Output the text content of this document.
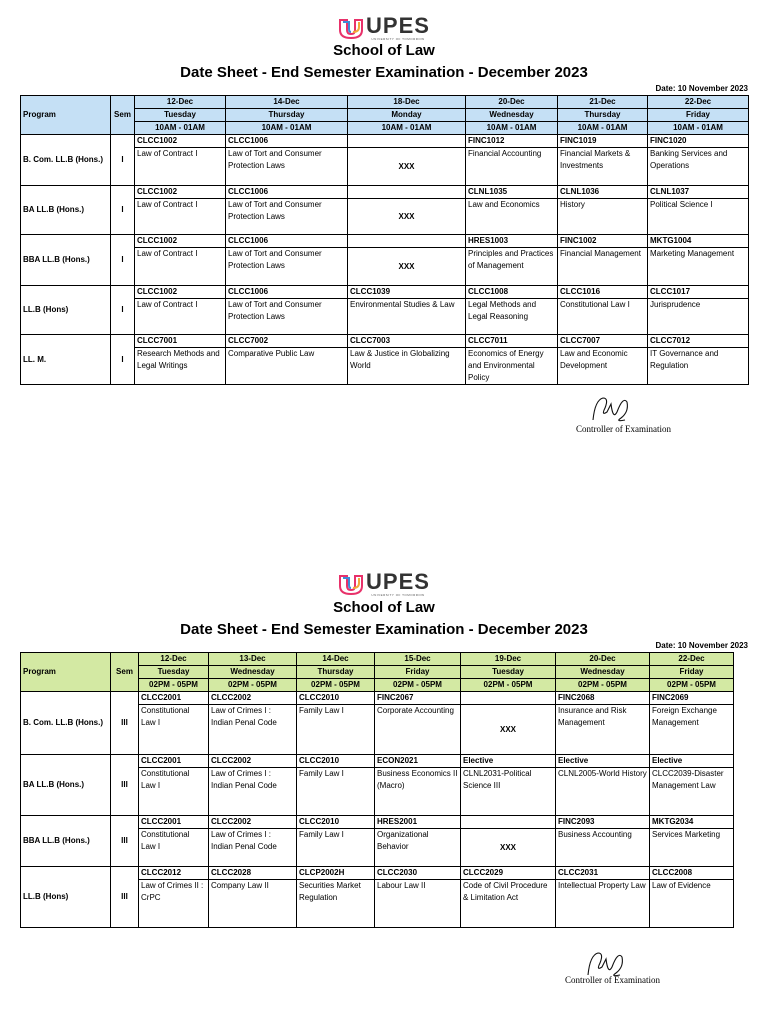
UPES
UNIVERSITY OF TOMORROW
School of Law
Date Sheet - End Semester Examination - December 2023
Date: 10 November 2023
Program	Sem	12-Dec	14-Dec	18-Dec	20-Dec	21-Dec	22-Dec
		Tuesday	Thursday	Monday	Wednesday	Thursday	Friday
		10AM - 01AM	10AM - 01AM	10AM - 01AM	10AM - 01AM	10AM - 01AM	10AM - 01AM
B. Com. LL.B (Hons.)	I	CLCC1002	CLCC1006		FINC1012	FINC1019	FINC1020
		Law of Contract I	Law of Tort and Consumer Protection Laws	XXX	Financial Accounting	Financial Markets & Investments	Banking Services and Operations
BA LL.B (Hons.)	I	CLCC1002	CLCC1006		CLNL1035	CLNL1036	CLNL1037
		Law of Contract I	Law of Tort and Consumer Protection Laws	XXX	Law and Economics	History	Political Science I
BBA LL.B (Hons.)	I	CLCC1002	CLCC1006		HRES1003	FINC1002	MKTG1004
		Law of Contract I	Law of Tort and Consumer Protection Laws	XXX	Principles and Practices of Management	Financial Management	Marketing Management
LL.B (Hons)	I	CLCC1002	CLCC1006	CLCC1039	CLCC1008	CLCC1016	CLCC1017
		Law of Contract I	Law of Tort and Consumer Protection Laws	Environmental Studies & Law	Legal Methods and Legal Reasoning	Constitutional Law I	Jurisprudence
LL. M.	I	CLCC7001	CLCC7002	CLCC7003	CLCC7011	CLCC7007	CLCC7012
		Research Methods and Legal Writings	Comparative Public Law	Law & Justice in Globalizing World	Economics of Energy and Environmental Policy	Law and Economic Development	IT Governance and Regulation
Controller of Examination
UPES
UNIVERSITY OF TOMORROW
School of Law
Date Sheet - End Semester Examination - December 2023
Date: 10 November 2023
Program	Sem	12-Dec	13-Dec	14-Dec	15-Dec	19-Dec	20-Dec	22-Dec
		Tuesday	Wednesday	Thursday	Friday	Tuesday	Wednesday	Friday
		02PM - 05PM	02PM - 05PM	02PM - 05PM	02PM - 05PM	02PM - 05PM	02PM - 05PM	02PM - 05PM
B. Com. LL.B (Hons.)	III	CLCC2001	CLCC2002	CLCC2010	FINC2067		FINC2068	FINC2069
		Constitutional Law I	Law of Crimes I : Indian Penal Code	Family Law I	Corporate Accounting	XXX	Insurance and Risk Management	Foreign Exchange Management
BA LL.B (Hons.)	III	CLCC2001	CLCC2002	CLCC2010	ECON2021	Elective	Elective	Elective
		Constitutional Law I	Law of Crimes I : Indian Penal Code	Family Law I	Business Economics II (Macro)	CLNL2031-Political Science III	CLNL2005-World History	CLCC2039-Disaster Management Law
BBA LL.B (Hons.)	III	CLCC2001	CLCC2002	CLCC2010	HRES2001		FINC2093	MKTG2034
		Constitutional Law I	Law of Crimes I : Indian Penal Code	Family Law I	Organizational Behavior	XXX	Business Accounting	Services Marketing
LL.B (Hons)	III	CLCC2012	CLCC2028	CLCP2002H	CLCC2030	CLCC2029	CLCC2031	CLCC2008
		Law of Crimes II : CrPC	Company Law II	Securities Market Regulation	Labour Law II	Code of Civil Procedure & Limitation Act	Intellectual Property Law	Law of Evidence
Controller of Examination
